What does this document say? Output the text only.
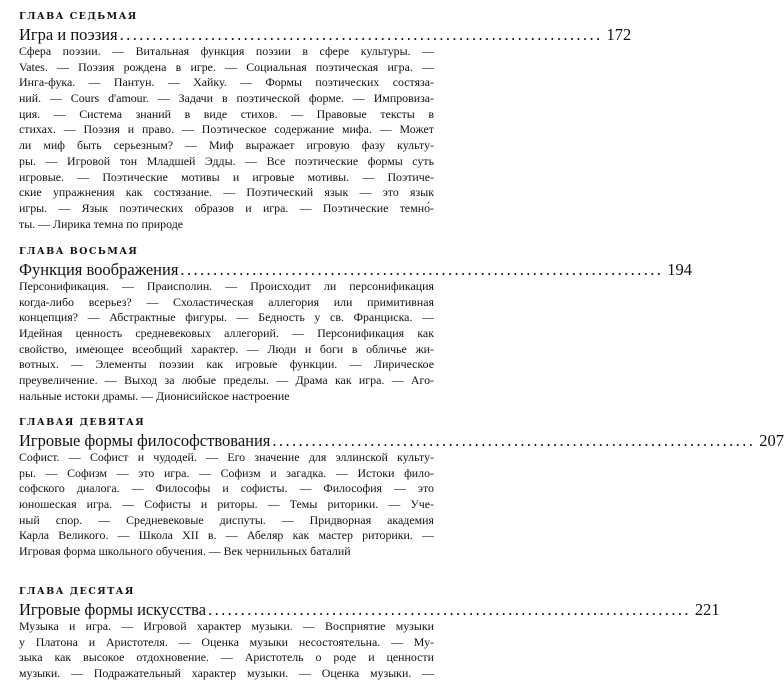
ГЛАВА СЕДЬМАЯ
Игра и поэзия .......................................................................... 172
Сфера поэзии. — Витальная функция поэзии в сфере культуры. —
Vates. — Поэзия рождена в игре. — Социальная поэтическая игра. —
Инга-фука. — Пантун. — Хайку. — Формы поэтических состяза-
ний. — Cours d'amour. — Задачи в поэтической форме. — Импровиза-
ция. — Система знаний в виде стихов. — Правовые тексты в
стихах. — Поэзия и право. — Поэтическое содержание мифа. — Может
ли миф быть серьезным? — Миф выражает игровую фазу культу-
ры. — Игровой тон Младшей Эдды. — Все поэтические формы суть
игровые. — Поэтические мотивы и игровые мотивы. — Поэтиче-
ские упражнения как состязание. — Поэтический язык — это язык
игры. — Язык поэтических образов и игра. — Поэтические темно́-
ты. — Лирика темна по природе
ГЛАВА ВОСЬМАЯ
Функция воображения .......................................................................... 194
Персонификация. — Праисполин. — Происходит ли персонификация
когда-либо всерьез? — Схоластическая аллегория или примитивная
концепция? — Абстрактные фигуры. — Бедность у св. Франциска. —
Идейная ценность средневековых аллегорий. — Персонификация как
свойство, имеющее всеобщий характер. — Люди и боги в обличье жи-
вотных. — Элементы поэзии как игровые функции. — Лирическое
преувеличение. — Выход за любые пределы. — Драма как игра. — Аго-
нальные истоки драмы. — Дионисийское настроение
ГЛАВАЯ ДЕВЯТАЯ
Игровые формы философствования .......................................................................... 207
Софист. — Софист и чудодей. — Его значение для эллинской культу-
ры. — Софизм — это игра. — Софизм и загадка. — Истоки фило-
софского диалога. — Философы и софисты. — Философия — это
юношеская игра. — Софисты и риторы. — Темы риторики. — Уче-
ный спор. — Средневековые диспуты. — Придворная академия
Карла Великого. — Школа XII в. — Абеляр как мастер риторики. —
Игровая форма школьного обучения. — Век чернильных баталий
ГЛАВА ДЕСЯТАЯ
Игровые формы искусства .......................................................................... 221
Музыка и игра. — Игровой характер музыки. — Восприятие музыки
у Платона и Аристотеля. — Оценка музыки несостоятельна. — Му-
зыка как высокое отдохновение. — Аристотель о роде и ценности
музыки. — Подражательный характер музыки. — Оценка музыки. —
